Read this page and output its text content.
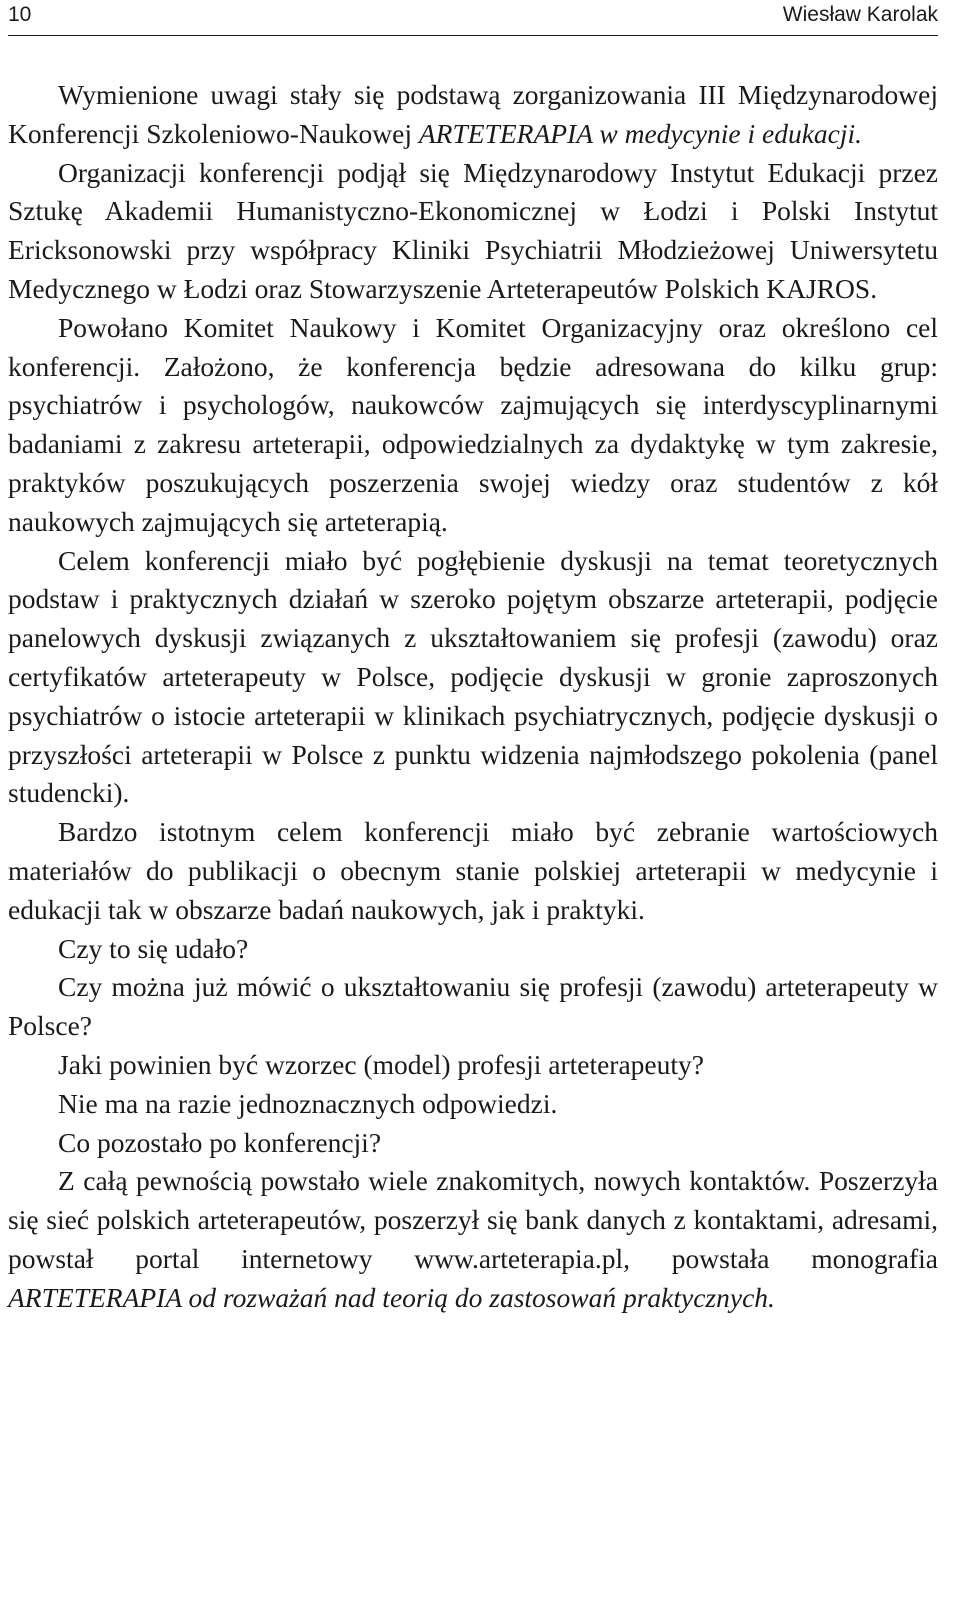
10	Wiesław Karolak

Wymienione uwagi stały się podstawą zorganizowania III Międzynarodowej Konferencji Szkoleniowo-Naukowej ARTETERAPIA w medycynie i edukacji.

Organizacji konferencji podjął się Międzynarodowy Instytut Edukacji przez Sztukę Akademii Humanistyczno-Ekonomicznej w Łodzi i Polski Instytut Ericksonowski przy współpracy Kliniki Psychiatrii Młodzieżowej Uniwersytetu Medycznego w Łodzi oraz Stowarzyszenie Arteterapeutów Polskich KAJROS.

Powołano Komitet Naukowy i Komitet Organizacyjny oraz określono cel konferencji. Założono, że konferencja będzie adresowana do kilku grup: psychiatrów i psychologów, naukowców zajmujących się interdyscyplinarnymi badaniami z zakresu arteterapii, odpowiedzialnych za dydaktykę w tym zakresie, praktyków poszukujących poszerzenia swojej wiedzy oraz studentów z kół naukowych zajmujących się arteterapią.

Celem konferencji miało być pogłębienie dyskusji na temat teoretycznych podstaw i praktycznych działań w szeroko pojętym obszarze arteterapii, podjęcie panelowych dyskusji związanych z ukształtowaniem się profesji (zawodu) oraz certyfikatów arteterapeuty w Polsce, podjęcie dyskusji w gronie zaproszonych psychiatrów o istocie arteterapii w klinikach psychiatrycznych, podjęcie dyskusji o przyszłości arteterapii w Polsce z punktu widzenia najmłodszego pokolenia (panel studencki).

Bardzo istotnym celem konferencji miało być zebranie wartościowych materiałów do publikacji o obecnym stanie polskiej arteterapii w medycynie i edukacji tak w obszarze badań naukowych, jak i praktyki.

Czy to się udało?

Czy można już mówić o ukształtowaniu się profesji (zawodu) arteterapeuty w Polsce?

Jaki powinien być wzorzec (model) profesji arteterapeuty?

Nie ma na razie jednoznacznych odpowiedzi.

Co pozostało po konferencji?

Z całą pewnością powstało wiele znakomitych, nowych kontaktów. Poszerzyła się sieć polskich arteterapeutów, poszerzył się bank danych z kontaktami, adresami, powstał portal internetowy www.arteterapia.pl, powstała monografia ARTETERAPIA od rozważań nad teorią do zastosowań praktycznych.
